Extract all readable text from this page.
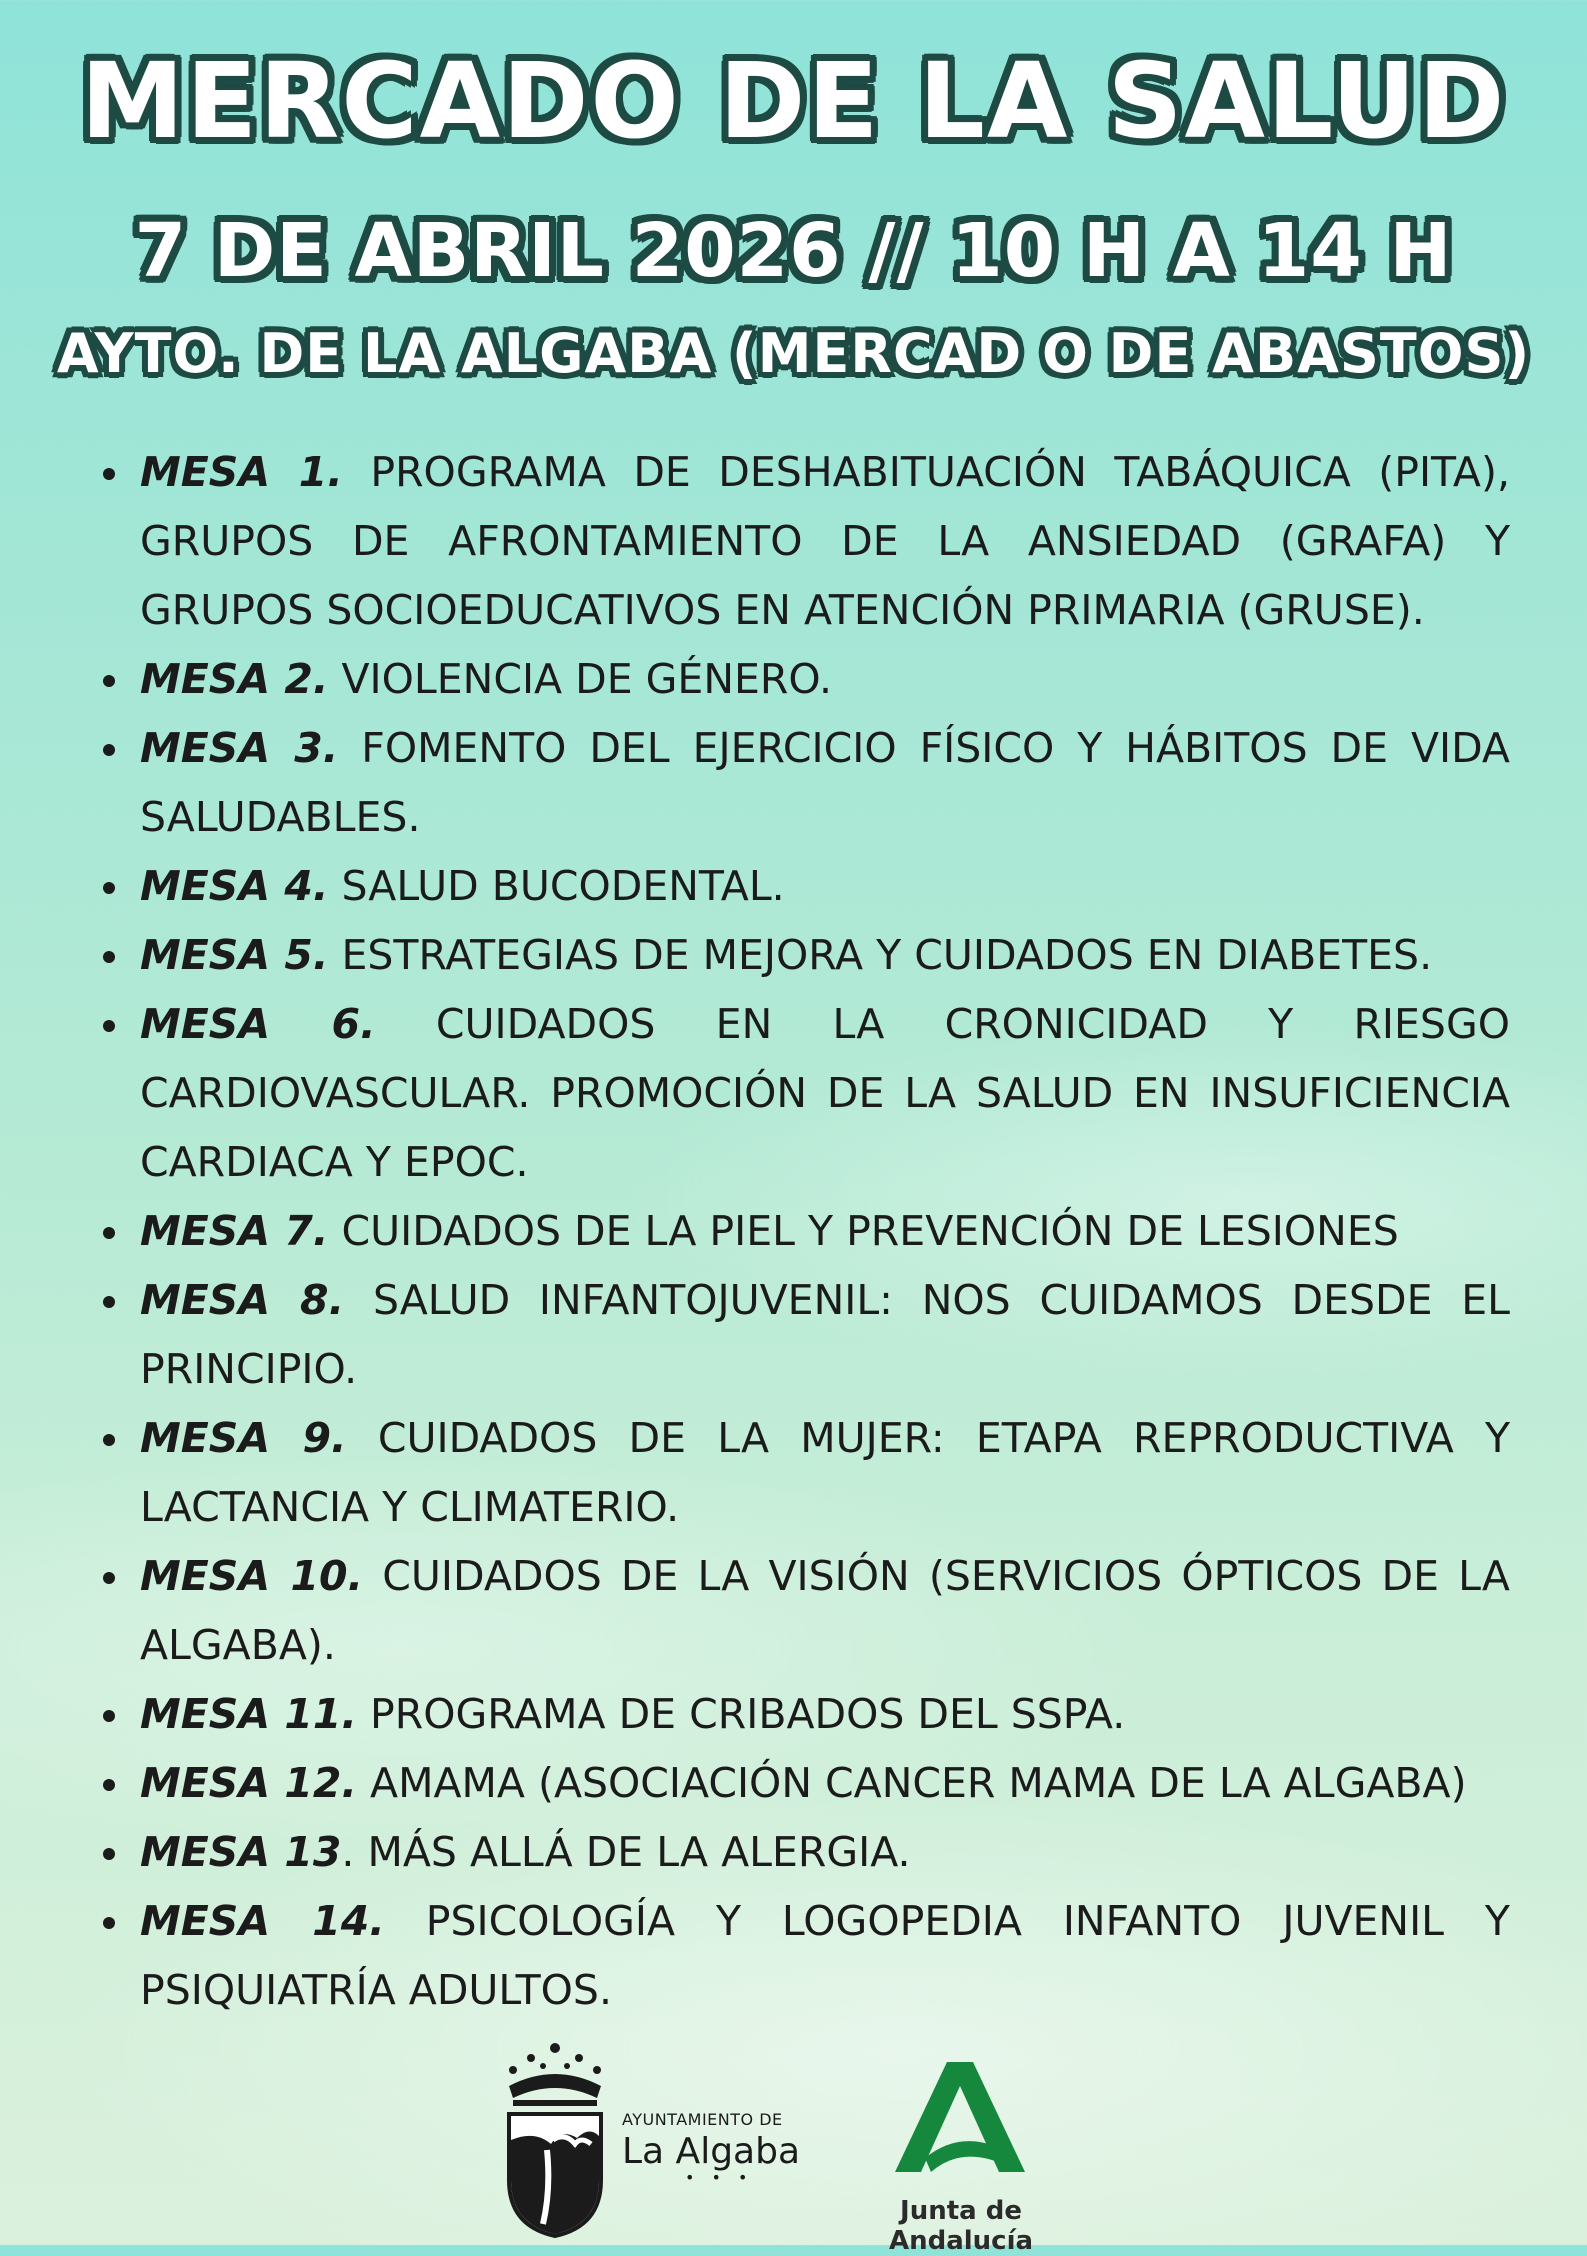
MERCADO DE LA SALUD
7 DE ABRIL 2026 // 10 H A 14 H
AYTO. DE LA ALGABA (MERCAD O DE ABASTOS)
MESA 1. PROGRAMA DE DESHABITUACIÓN TABÁQUICA (PITA), GRUPOS DE AFRONTAMIENTO DE LA ANSIEDAD (GRAFA) Y GRUPOS SOCIOEDUCATIVOS EN ATENCIÓN PRIMARIA (GRUSE).
MESA 2. VIOLENCIA DE GÉNERO.
MESA 3. FOMENTO DEL EJERCICIO FÍSICO Y HÁBITOS DE VIDA SALUDABLES.
MESA 4. SALUD BUCODENTAL.
MESA 5. ESTRATEGIAS DE MEJORA Y CUIDADOS EN DIABETES.
MESA 6. CUIDADOS EN LA CRONICIDAD Y RIESGO CARDIOVASCULAR. PROMOCIÓN DE LA SALUD EN INSUFICIENCIA CARDIACA Y EPOC.
MESA 7. CUIDADOS DE LA PIEL Y PREVENCIÓN DE LESIONES
MESA 8. SALUD INFANTOJUVENIL: NOS CUIDAMOS DESDE EL PRINCIPIO.
MESA 9. CUIDADOS DE LA MUJER: ETAPA REPRODUCTIVA Y LACTANCIA Y CLIMATERIO.
MESA 10. CUIDADOS DE LA VISIÓN (SERVICIOS ÓPTICOS DE LA ALGABA).
MESA 11. PROGRAMA DE CRIBADOS DEL SSPA.
MESA 12. AMAMA (ASOCIACIÓN CANCER MAMA DE LA ALGABA)
MESA 13. MÁS ALLÁ DE LA ALERGIA.
MESA 14. PSICOLOGÍA Y LOGOPEDIA INFANTO JUVENIL Y PSIQUIATRÍA ADULTOS.
AYUNTAMIENTO DE
La Algaba
• • •
Junta de Andalucía
